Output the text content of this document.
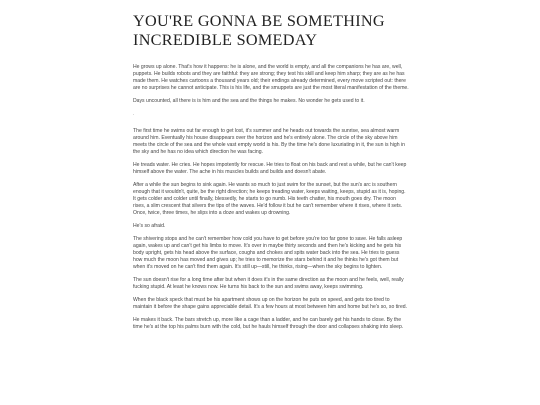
YOU'RE GONNA BE SOMETHING INCREDIBLE SOMEDAY

He grows up alone. That's how it happens: he is alone, and the world is empty, and all the companions he has are, well, puppets. He builds robots and they are faithful: they are strong; they test his skill and keep him sharp; they are as he has made them. He watches cartoons a thousand years old; their endings already determined, every move scripted out: there are no surprises he cannot anticipate. This is his life, and the smuppets are just the most literal manifestation of the theme.

Days uncounted, all there is is him and the sea and the things he makes. No wonder he gets used to it.

.

The first time he swims out far enough to get lost, it's summer and he heads out towards the sunrise, sea almost warm around him. Eventually his house disappears over the horizon and he's entirely alone. The circle of the sky above him meets the circle of the sea and the whole vast empty world is his. By the time he's done luxuriating in it, the sun is high in the sky and he has no idea which direction he was facing.

He treads water. He cries. He hopes impotently for rescue. He tries to float on his back and rest a while, but he can't keep himself above the water. The ache in his muscles builds and builds and doesn't abate.

After a while the sun begins to sink again. He wants so much to just swim for the sunset, but the sun's arc is southern enough that it wouldn't, quite, be the right direction; he keeps treading water, keeps waiting, keeps, stupid as it is, hoping. It gets colder and colder until finally, blessedly, he starts to go numb. His teeth chatter, his mouth goes dry. The moon rises, a slim crescent that silvers the tips of the waves. He'd follow it but he can't remember where it rises, where it sets. Once, twice, three times, he slips into a doze and wakes up drowning.

He's so afraid.

The shivering stops and he can't remember how cold you have to get before you're too far gone to save. He falls asleep again, wakes up and can't get his limbs to move. It's over in maybe thirty seconds and then he's kicking and he gets his body upright, gets his head above the surface, coughs and chokes and spits water back into the sea. He tries to guess how much the moon has moved and gives up; he tries to memorize the stars behind it and he thinks he's got them but when it's moved on he can't find them again. It's still up—still, he thinks, rising—when the sky begins to lighten.

The sun doesn't rise for a long time after but when it does it's in the same direction as the moon and he feels, well, really fucking stupid. At least he knows now. He turns his back to the sun and swims away, keeps swimming.

When the black speck that must be his apartment shows up on the horizon he puts on speed, and gets too tired to maintain it before the shape gains appreciable detail. It's a few hours at most between him and home but he's so, so tired.

He makes it back. The bars stretch up, more like a cage than a ladder, and he can barely get his hands to close. By the time he's at the top his palms burn with the cold, but he hauls himself through the door and collapses shaking into sleep.
